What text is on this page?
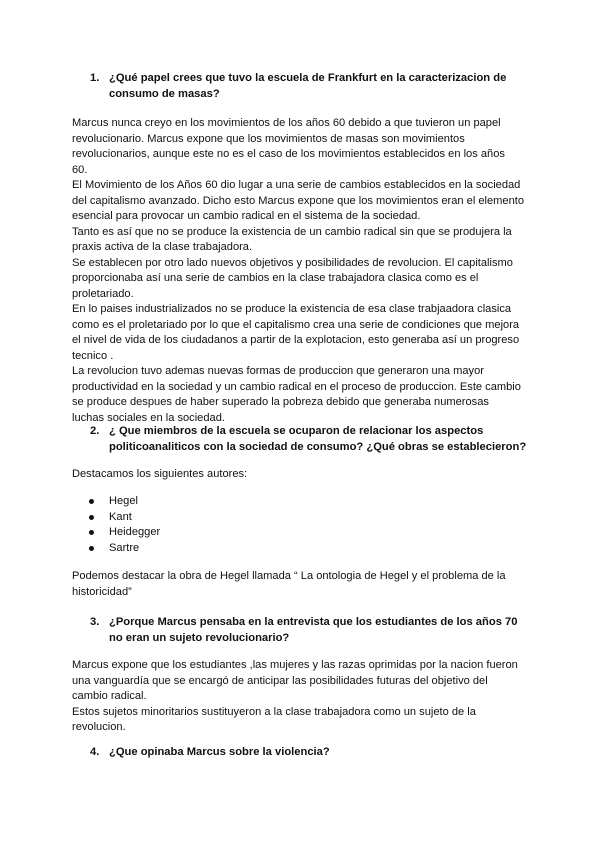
1. ¿Qué papel crees que tuvo la escuela de Frankfurt en la caracterizacion de
consumo de masas?
Marcus nunca creyo en los movimientos de los años 60 debido a que tuvieron un papel
revolucionario. Marcus expone que los movimientos de masas son movimientos
revolucionarios, aunque este no es el caso de los movimientos establecidos en los años
60.
El Movimiento de los Años 60 dio lugar a una serie de cambios establecidos en la sociedad
del capitalismo avanzado. Dicho esto Marcus expone que los movimientos eran el elemento
esencial para provocar un cambio radical en el sistema de la sociedad.
Tanto es así que no se produce la existencia de un cambio radical sin que se produjera la
praxis activa de la clase trabajadora.
Se establecen por otro lado nuevos objetivos y posibilidades de revolucion. El capitalismo
proporcionaba así una serie de cambios en la clase trabajadora clasica como es el
proletariado.
En lo paises industrializados no se produce la existencia de esa clase trabjaadora clasica
como es el proletariado por lo que el capitalismo crea una serie de condiciones que mejora
el nivel de vida de los ciudadanos a partir de la explotacion, esto generaba así un progreso
tecnico .
La revolucion tuvo ademas nuevas formas de produccion que generaron una mayor
productividad en la sociedad y un cambio radical en el proceso de produccion. Este cambio
se produce despues de haber superado la pobreza debido que generaba numerosas
luchas sociales en la sociedad.
2. ¿ Que miembros de la escuela se ocuparon de relacionar los aspectos
politicoanaliticos con la sociedad de consumo? ¿Qué obras se establecieron?
Destacamos los siguientes autores:
Hegel
Kant
Heidegger
Sartre
Podemos destacar la obra de Hegel llamada “ La ontologia de Hegel y el problema de la
historicidad”
3. ¿Porque Marcus pensaba en la entrevista que los estudiantes de los años 70
no eran un sujeto revolucionario?
Marcus expone que los estudiantes ,las mujeres y las razas oprimidas por la nacion fueron
una vanguardía que se encargó de anticipar las posibilidades futuras del objetivo del
cambio radical.
Estos sujetos minoritarios sustituyeron a la clase trabajadora como un sujeto de la
revolucion.
4. ¿Que opinaba Marcus sobre la violencia?
